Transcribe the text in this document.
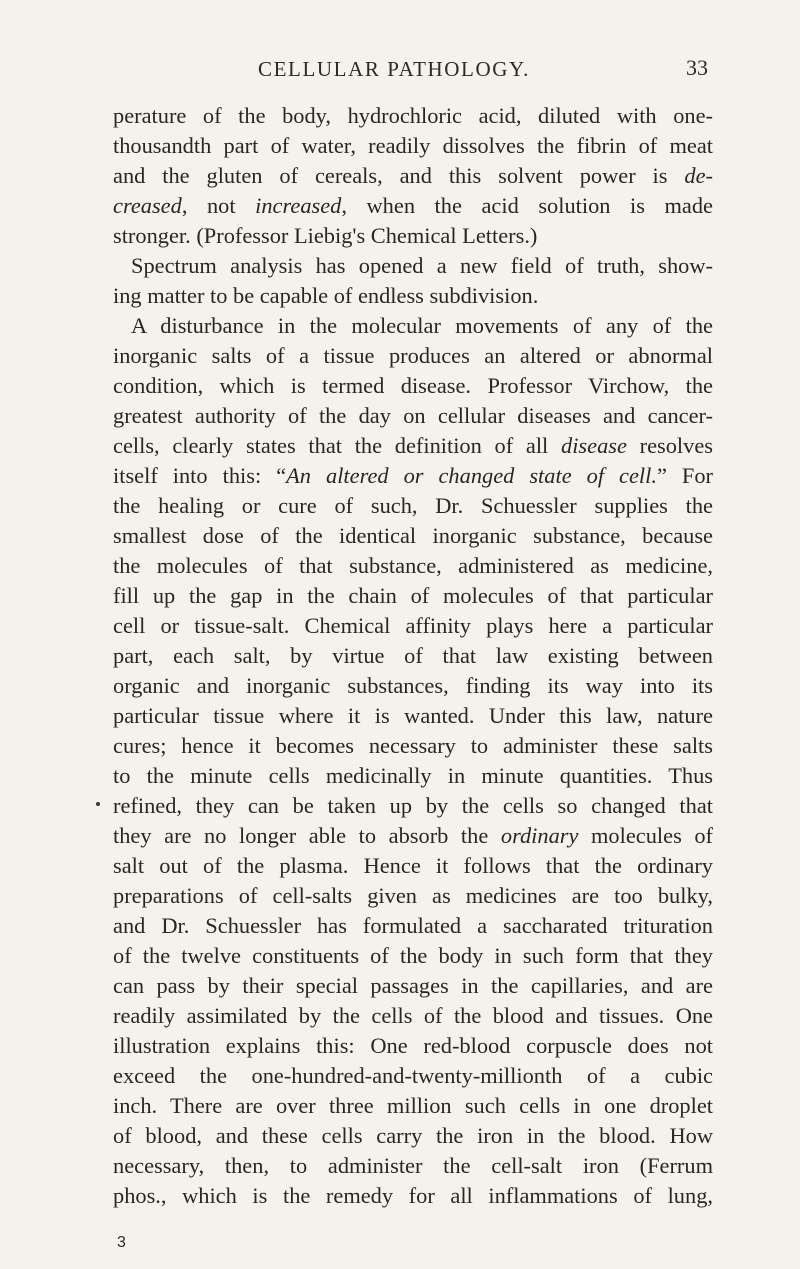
CELLULAR PATHOLOGY.	33
perature of the body, hydrochloric acid, diluted with one-
thousandth part of water, readily dissolves the fibrin of meat
and the gluten of cereals, and this solvent power is de-
creased, not increased, when the acid solution is made
stronger. (Professor Liebig's Chemical Letters.)
Spectrum analysis has opened a new field of truth, show-
ing matter to be capable of endless subdivision.
A disturbance in the molecular movements of any of the
inorganic salts of a tissue produces an altered or abnormal
condition, which is termed disease. Professor Virchow, the
greatest authority of the day on cellular diseases and cancer-
cells, clearly states that the definition of all disease resolves
itself into this: “An altered or changed state of cell.” For
the healing or cure of such, Dr. Schuessler supplies the
smallest dose of the identical inorganic substance, because
the molecules of that substance, administered as medicine,
fill up the gap in the chain of molecules of that particular
cell or tissue-salt. Chemical affinity plays here a particular
part, each salt, by virtue of that law existing between
organic and inorganic substances, finding its way into its
particular tissue where it is wanted. Under this law, nature
cures; hence it becomes necessary to administer these salts
to the minute cells medicinally in minute quantities. Thus
refined, they can be taken up by the cells so changed that
they are no longer able to absorb the ordinary molecules of
salt out of the plasma. Hence it follows that the ordinary
preparations of cell-salts given as medicines are too bulky,
and Dr. Schuessler has formulated a saccharated trituration
of the twelve constituents of the body in such form that they
can pass by their special passages in the capillaries, and are
readily assimilated by the cells of the blood and tissues. One
illustration explains this: One red-blood corpuscle does not
exceed the one-hundred-and-twenty-millionth of a cubic
inch. There are over three million such cells in one droplet
of blood, and these cells carry the iron in the blood. How
necessary, then, to administer the cell-salt iron (Ferrum
phos., which is the remedy for all inflammations of lung,
3
